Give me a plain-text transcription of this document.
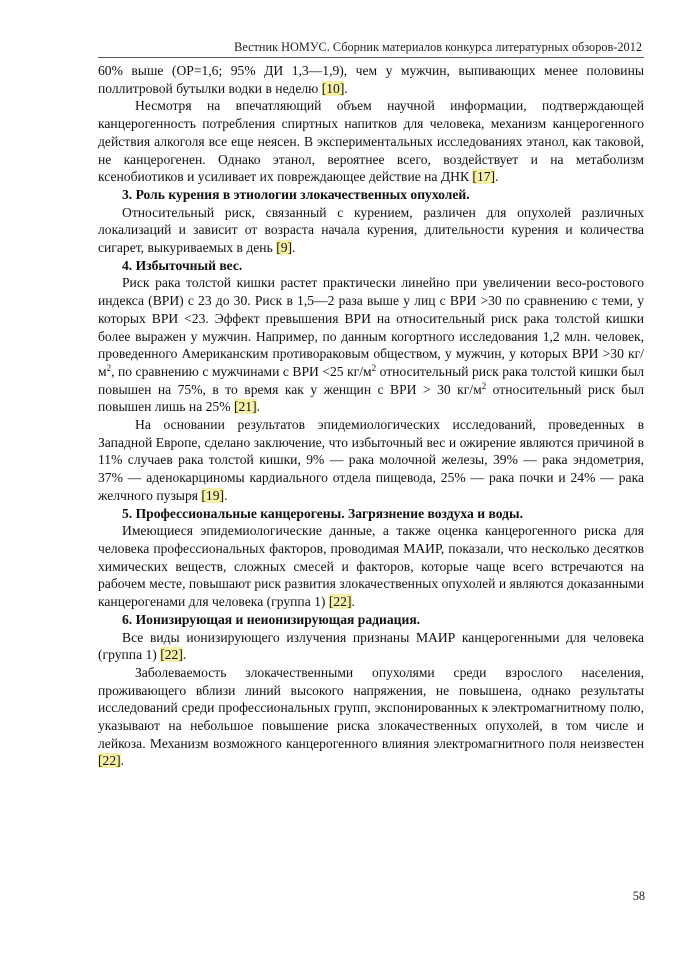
Вестник НОМУС. Сборник материалов конкурса литературных обзоров-2012

60% выше (ОР=1,6; 95% ДИ 1,3—1,9), чем у мужчин, выпивающих менее половины поллитровой бутылки водки в неделю [10].

Несмотря на впечатляющий объем научной информации, подтверждающей канцерогенность потребления спиртных напитков для человека, механизм канцерогенного действия алкоголя все еще неясен. В экспериментальных исследованиях этанол, как таковой, не канцерогенен. Однако этанол, вероятнее всего, воздействует и на метаболизм ксенобиотиков и усиливает их повреждающее действие на ДНК [17].

3. Роль курения в этиологии злокачественных опухолей.

Относительный риск, связанный с курением, различен для опухолей различных локализаций и зависит от возраста начала курения, длительности курения и количества сигарет, выкуриваемых в день [9].

4. Избыточный вес.

Риск рака толстой кишки растет практически линейно при увеличении весо-ростового индекса (ВРИ) с 23 до 30. Риск в 1,5—2 раза выше у лиц с ВРИ >30 по сравнению с теми, у которых ВРИ <23. Эффект превышения ВРИ на относительный риск рака толстой кишки более выражен у мужчин. Например, по данным когортного исследования 1,2 млн. человек, проведенного Американским противораковым обществом, у мужчин, у которых ВРИ >30 $кг/м^2$, по сравнению с мужчинами с ВРИ <25 $кг/м^2$ относительный риск рака толстой кишки был повышен на 75%, в то время как у женщин с ВРИ > 30 $кг/м^2$ относительный риск был повышен лишь на 25% [21].

На основании результатов эпидемиологических исследований, проведенных в Западной Европе, сделано заключение, что избыточный вес и ожирение являются причиной в 11% случаев рака толстой кишки, 9% — рака молочной железы, 39% — рака эндометрия, 37% — аденокарциномы кардиального отдела пищевода, 25% — рака почки и 24% — рака желчного пузыря [19].

5. Профессиональные канцерогены. Загрязнение воздуха и воды.

Имеющиеся эпидемиологические данные, а также оценка канцерогенного риска для человека профессиональных факторов, проводимая МАИР, показали, что несколько десятков химических веществ, сложных смесей и факторов, которые чаще всего встречаются на рабочем месте, повышают риск развития злокачественных опухолей и являются доказанными канцерогенами для человека (группа 1) [22].

6. Ионизирующая и неионизирующая радиация.

Все виды ионизирующего излучения признаны МАИР канцерогенными для человека (группа 1) [22].

Заболеваемость злокачественными опухолями среди взрослого населения, проживающего вблизи линий высокого напряжения, не повышена, однако результаты исследований среди профессиональных групп, экспонированных к электромагнитному полю, указывают на небольшое повышение риска злокачественных опухолей, в том числе и лейкоза. Механизм возможного канцерогенного влияния электромагнитного поля неизвестен [22].

58
